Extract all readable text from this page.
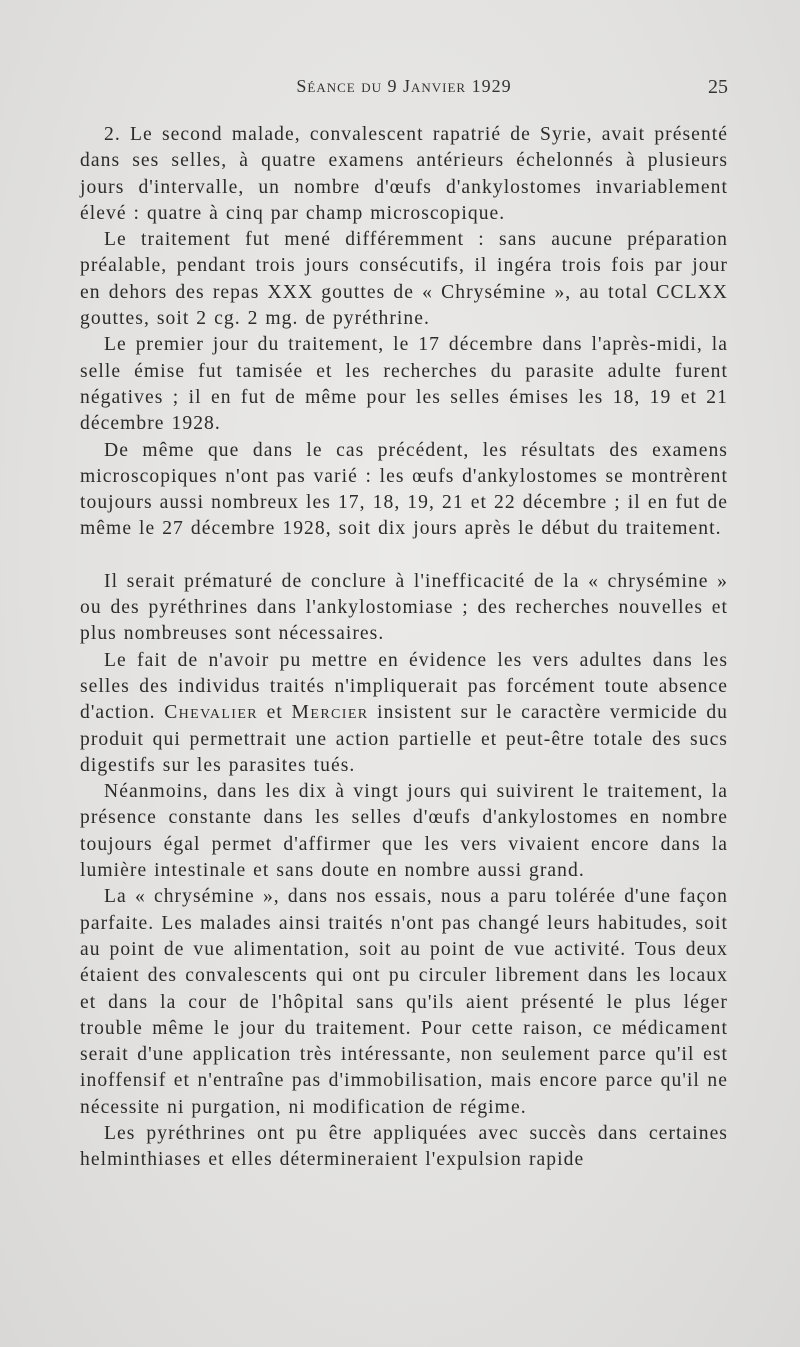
Séance du 9 Janvier 1929	25

2. Le second malade, convalescent rapatrié de Syrie, avait présenté dans ses selles, à quatre examens antérieurs échelonnés à plusieurs jours d'intervalle, un nombre d'œufs d'ankylostomes invariablement élevé : quatre à cinq par champ microscopique.

Le traitement fut mené différemment : sans aucune préparation préalable, pendant trois jours consécutifs, il ingéra trois fois par jour en dehors des repas XXX gouttes de « Chrysémine », au total CCLXX gouttes, soit 2 cg. 2 mg. de pyréthrine.

Le premier jour du traitement, le 17 décembre dans l'après-midi, la selle émise fut tamisée et les recherches du parasite adulte furent négatives ; il en fut de même pour les selles émises les 18, 19 et 21 décembre 1928.

De même que dans le cas précédent, les résultats des examens microscopiques n'ont pas varié : les œufs d'ankylostomes se montrèrent toujours aussi nombreux les 17, 18, 19, 21 et 22 décembre ; il en fut de même le 27 décembre 1928, soit dix jours après le début du traitement.

Il serait prématuré de conclure à l'inefficacité de la « chrysémine » ou des pyréthrines dans l'ankylostomiase ; des recherches nouvelles et plus nombreuses sont nécessaires.

Le fait de n'avoir pu mettre en évidence les vers adultes dans les selles des individus traités n'impliquerait pas forcément toute absence d'action. Chevalier et Mercier insistent sur le caractère vermicide du produit qui permettrait une action partielle et peut-être totale des sucs digestifs sur les parasites tués.

Néanmoins, dans les dix à vingt jours qui suivirent le traitement, la présence constante dans les selles d'œufs d'ankylostomes en nombre toujours égal permet d'affirmer que les vers vivaient encore dans la lumière intestinale et sans doute en nombre aussi grand.

La « chrysémine », dans nos essais, nous a paru tolérée d'une façon parfaite. Les malades ainsi traités n'ont pas changé leurs habitudes, soit au point de vue alimentation, soit au point de vue activité. Tous deux étaient des convalescents qui ont pu circuler librement dans les locaux et dans la cour de l'hôpital sans qu'ils aient présenté le plus léger trouble même le jour du traitement. Pour cette raison, ce médicament serait d'une application très intéressante, non seulement parce qu'il est inoffensif et n'entraîne pas d'immobilisation, mais encore parce qu'il ne nécessite ni purgation, ni modification de régime.

Les pyréthrines ont pu être appliquées avec succès dans certaines helminthiases et elles détermineraient l'expulsion rapide
